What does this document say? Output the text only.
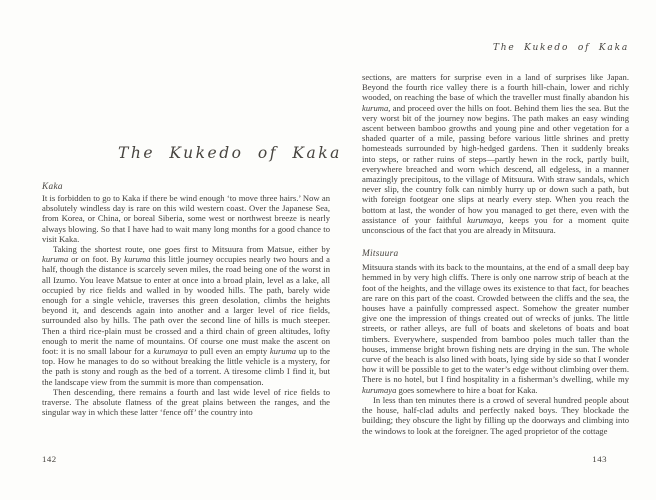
The Kukedo of Kaka
Kaka

It is forbidden to go to Kaka if there be wind enough ‘to move three hairs.’ Now an absolutely windless day is rare on this wild western coast. Over the Japanese Sea, from Korea, or China, or boreal Siberia, some west or northwest breeze is nearly always blowing. So that I have had to wait many long months for a good chance to visit Kaka.

Taking the shortest route, one goes first to Mitsuura from Matsue, either by kuruma or on foot. By kuruma this little journey occupies nearly two hours and a half, though the distance is scarcely seven miles, the road being one of the worst in all Izumo. You leave Matsue to enter at once into a broad plain, level as a lake, all occupied by rice fields and walled in by wooded hills. The path, barely wide enough for a single vehicle, traverses this green desolation, climbs the heights beyond it, and descends again into another and a larger level of rice fields, surrounded also by hills. The path over the second line of hills is much steeper. Then a third rice-plain must be crossed and a third chain of green altitudes, lofty enough to merit the name of mountains. Of course one must make the ascent on foot: it is no small labour for a kurumaya to pull even an empty kuruma up to the top. How he manages to do so without breaking the little vehicle is a mystery, for the path is stony and rough as the bed of a torrent. A tiresome climb I find it, but the landscape view from the summit is more than compensation.

Then descending, there remains a fourth and last wide level of rice fields to traverse. The absolute flatness of the great plains between the ranges, and the singular way in which these latter ‘fence off’ the country into

142
The Kukedo of Kaka

sections, are matters for surprise even in a land of surprises like Japan. Beyond the fourth rice valley there is a fourth hill-chain, lower and richly wooded, on reaching the base of which the traveller must finally abandon his kuruma, and proceed over the hills on foot. Behind them lies the sea. But the very worst bit of the journey now begins. The path makes an easy winding ascent between bamboo growths and young pine and other vegetation for a shaded quarter of a mile, passing before various little shrines and pretty homesteads surrounded by high-hedged gardens. Then it suddenly breaks into steps, or rather ruins of steps—partly hewn in the rock, partly built, everywhere breached and worn which descend, all edgeless, in a manner amazingly precipitous, to the village of Mitsuura. With straw sandals, which never slip, the country folk can nimbly hurry up or down such a path, but with foreign footgear one slips at nearly every step. When you reach the bottom at last, the wonder of how you managed to get there, even with the assistance of your faithful kurumaya, keeps you for a moment quite unconscious of the fact that you are already in Mitsuura.

Mitsuura

Mitsuura stands with its back to the mountains, at the end of a small deep bay hemmed in by very high cliffs. There is only one narrow strip of beach at the foot of the heights, and the village owes its existence to that fact, for beaches are rare on this part of the coast. Crowded between the cliffs and the sea, the houses have a painfully compressed aspect. Somehow the greater number give one the impression of things created out of wrecks of junks. The little streets, or rather alleys, are full of boats and skeletons of boats and boat timbers. Everywhere, suspended from bamboo poles much taller than the houses, immense bright brown fishing nets are drying in the sun. The whole curve of the beach is also lined with boats, lying side by side so that I wonder how it will be possible to get to the water’s edge without climbing over them. There is no hotel, but I find hospitality in a fisherman’s dwelling, while my kurumaya goes somewhere to hire a boat for Kaka.

In less than ten minutes there is a crowd of several hundred people about the house, half-clad adults and perfectly naked boys. They blockade the building; they obscure the light by filling up the doorways and climbing into the windows to look at the foreigner. The aged proprietor of the cottage

143
